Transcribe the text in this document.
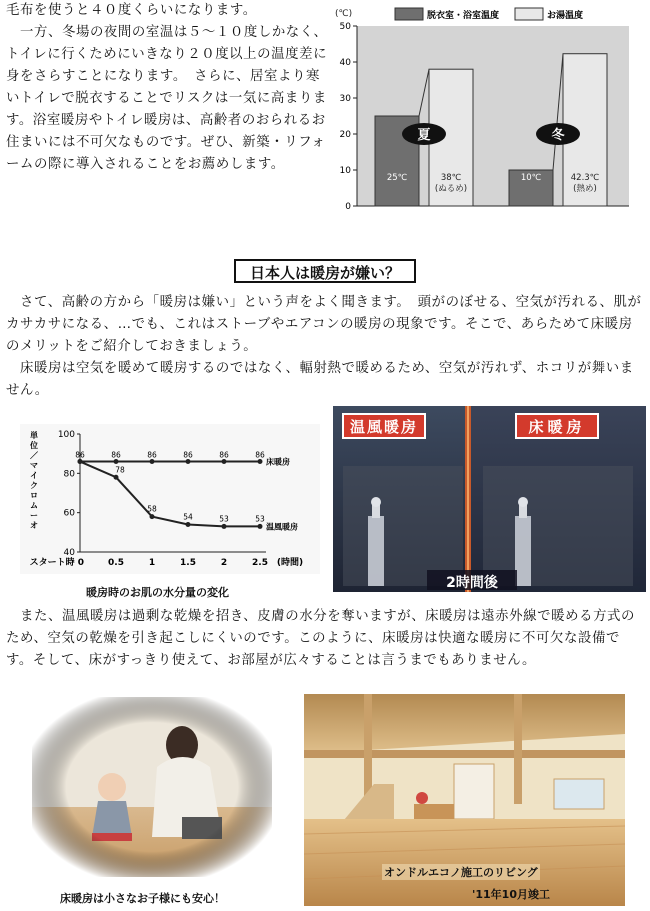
毛布を使うと４０度くらいになります。
　一方、冬場の夜間の室温は５～１０度しかなく、トイレに行くためにいきなり２０度以上の温度差に身をさらすことになります。　さらに、居室より寒いトイレで脱衣することでリスクは一気に高まります。浴室暖房やトイレ暖房は、高齢者のおられるお住まいには不可欠なものです。ぜひ、新築・リフォームの際に導入されることをお薦めします。
(℃)	脱衣室・浴室温度	お湯温度
0
10
20
30
40
50
25℃	38℃
(ぬるめ)
夏
10℃	42.3℃
(熱め)
冬
日本人は暖房が嫌い？
　さて、高齢の方から「暖房は嫌い」という声をよく聞きます。　頭がのぼせる、空気が汚れる、肌がカサカサになる、…でも、これはストーブやエアコンの暖房の現象です。そこで、あらためて床暖房のメリットをご紹介しておきましょう。
　床暖房は空気を暖めて暖房するのではなく、輻射熱で暖めるため、空気が汚れず、ホコリが舞いません。
単
位
／
マ
イ
ク
ロ
ム
ー
オ
40
60
80
100
スタート時 0	0.5	1	1.5	2	2.5 (時間)
86	86	86	86	86	86
床暖房
78
58
54	53	53
温風暖房
暖房時のお肌の水分量の変化
温風暖房	床暖房
2時間後
　また、温風暖房は過剰な乾燥を招き、皮膚の水分を奪いますが、床暖房は遠赤外線で暖める方式のため、空気の乾燥を引き起こしにくいのです。このように、床暖房は快適な暖房に不可欠な設備です。そして、床がすっきり使えて、お部屋が広々することは言うまでもありません。
床暖房は小さなお子様にも安心！
オンドルエコノ施工のリビング
'11年10月竣工
